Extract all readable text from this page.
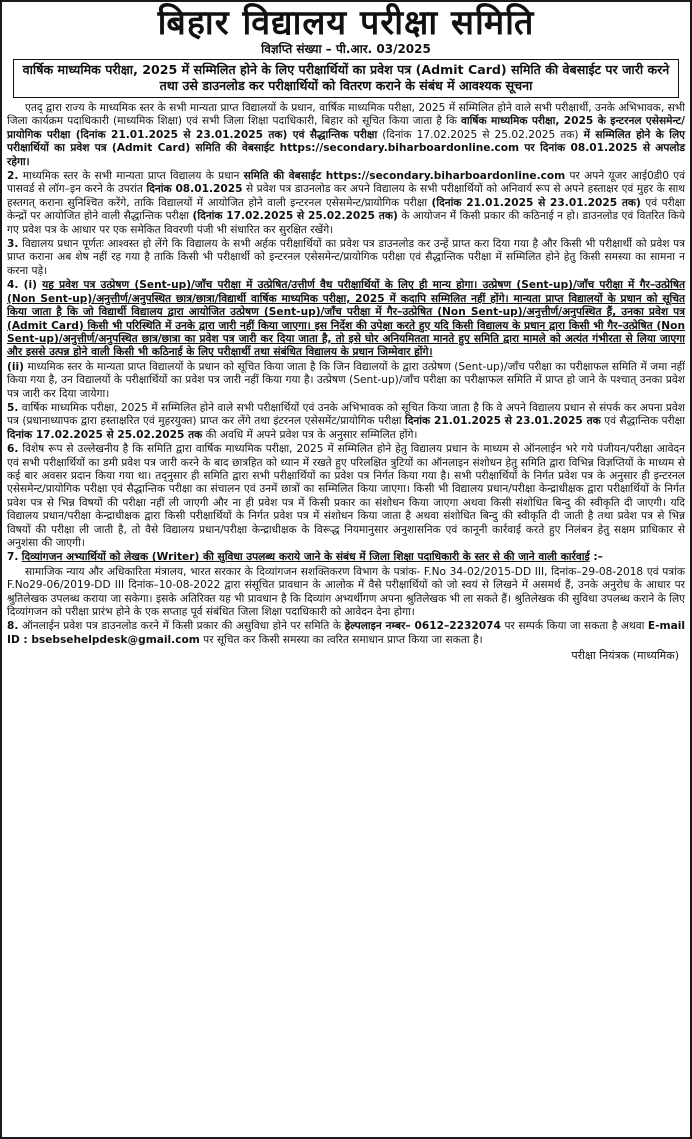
बिहार विद्यालय परीक्षा समिति
विज्ञप्ति संख्या – पी.आर. 03/2025
वार्षिक माध्यमिक परीक्षा, 2025 में सम्मिलित होने के लिए परीक्षार्थियों का प्रवेश पत्र (Admit Card) समिति की वेबसाईट पर जारी करने तथा उसे डाउनलोड कर परीक्षार्थियों को वितरण कराने के संबंध में आवश्यक सूचना

एतद् द्वारा राज्य के माध्यमिक स्तर के सभी मान्यता प्राप्त विद्यालयों के प्रधान, वार्षिक माध्यमिक परीक्षा, 2025 में सम्मिलित होने वाले सभी परीक्षार्थी, उनके अभिभावक, सभी जिला कार्यक्रम पदाधिकारी (माध्यमिक शिक्षा) एवं सभी जिला शिक्षा पदाधिकारी, बिहार को सूचित किया जाता है कि वार्षिक माध्यमिक परीक्षा, 2025 के इन्टरनल एसेसमेन्ट/प्रायोगिक परीक्षा (दिनांक 21.01.2025 से 23.01.2025 तक) एवं सैद्धान्तिक परीक्षा (दिनांक 17.02.2025 से 25.02.2025 तक) में सम्मिलित होने के लिए परीक्षार्थियों का प्रवेश पत्र (Admit Card) समिति की वेबसाईट https://secondary.biharboardonline.com पर दिनांक 08.01.2025 से अपलोड रहेगा।

2. माध्यमिक स्तर के सभी मान्यता प्राप्त विद्यालय के प्रधान समिति की वेबसाईट https://secondary.biharboardonline.com पर अपने यूजर आई0डी0 एवं पासवर्ड से लॉग–इन करने के उपरांत दिनांक 08.01.2025 से प्रवेश पत्र डाउनलोड कर अपने विद्यालय के सभी परीक्षार्थियों को अनिवार्य रूप से अपने हस्ताक्षर एवं मुहर के साथ हस्तगत् कराना सुनिश्चित करेंगे, ताकि विद्यालयों में आयोजित होने वाली इन्टरनल एसेसमेन्ट/प्रायोगिक परीक्षा (दिनांक 21.01.2025 से 23.01.2025 तक) एवं परीक्षा केन्द्रों पर आयोजित होने वाली सैद्धान्तिक परीक्षा (दिनांक 17.02.2025 से 25.02.2025 तक) के आयोजन में किसी प्रकार की कठिनाई न हो। डाउनलोड एवं वितरित किये गए प्रवेश पत्र के आधार पर एक समेकित विवरणी पंजी भी संधारित कर सुरक्षित रखेंगे।

3. विद्यालय प्रधान पूर्णतः आश्वस्त हो लेंगे कि विद्यालय के सभी अर्हक परीक्षार्थियों का प्रवेश पत्र डाउनलोड कर उन्हें प्राप्त करा दिया गया है और किसी भी परीक्षार्थी को प्रवेश पत्र प्राप्त कराना अब शेष नहीं रह गया है ताकि किसी भी परीक्षार्थी को इन्टरनल एसेसमेन्ट/प्रायोगिक परीक्षा एवं सैद्धान्तिक परीक्षा में सम्मिलित होने हेतु किसी समस्या का सामना न करना पड़े।

4. (i) यह प्रवेश पत्र उत्प्रेषण (Sent-up)/जाँच परीक्षा में उत्प्रेषित/उत्तीर्ण वैध परीक्षार्थियों के लिए ही मान्य होगा। उत्प्रेषण (Sent-up)/जाँच परीक्षा में गैर–उत्प्रेषित (Non Sent-up)/अनुत्तीर्ण/अनुपस्थित छात्र/छात्रा/विद्यार्थी वार्षिक माध्यमिक परीक्षा, 2025 में कदापि सम्मिलित नहीं होंगे। मान्यता प्राप्त विद्यालयों के प्रधान को सूचित किया जाता है कि जो विद्यार्थी विद्यालय द्वारा आयोजित उत्प्रेषण (Sent-up)/जाँच परीक्षा में गैर–उत्प्रेषित (Non Sent-up)/अनुत्तीर्ण/अनुपस्थित हैं, उनका प्रवेश पत्र (Admit Card) किसी भी परिस्थिति में उनके द्वारा जारी नहीं किया जाएगा। इस निर्देश की उपेक्षा करते हुए यदि किसी विद्यालय के प्रधान द्वारा किसी भी गैर–उत्प्रेषित (Non Sent-up)/अनुत्तीर्ण/अनुपस्थित छात्र/छात्रा का प्रवेश पत्र जारी कर दिया जाता है, तो इसे घोर अनियमितता मानते हुए समिति द्वारा मामले को अत्यंत गंभीरता से लिया जाएगा और इससे उत्पन्न होने वाली किसी भी कठिनाई के लिए परीक्षार्थी तथा संबंधित विद्यालय के प्रधान जिम्मेवार होंगे।

(ii) माध्यमिक स्तर के मान्यता प्राप्त विद्यालयों के प्रधान को सूचित किया जाता है कि जिन विद्यालयों के द्वारा उत्प्रेषण (Sent-up)/जाँच परीक्षा का परीक्षाफल समिति में जमा नहीं किया गया है, उन विद्यालयों के परीक्षार्थियों का प्रवेश पत्र जारी नहीं किया गया है। उत्प्रेषण (Sent-up)/जाँच परीक्षा का परीक्षाफल समिति में प्राप्त हो जाने के पश्चात् उनका प्रवेश पत्र जारी कर दिया जायेगा।

5. वार्षिक माध्यमिक परीक्षा, 2025 में सम्मिलित होने वाले सभी परीक्षार्थियों एवं उनके अभिभावक को सूचित किया जाता है कि वे अपने विद्यालय प्रधान से संपर्क कर अपना प्रवेश पत्र (प्रधानाध्यापक द्वारा हस्ताक्षरित एवं मुहरयुक्त) प्राप्त कर लेंगे तथा इंटरनल एसेसमेंट/प्रायोगिक परीक्षा दिनांक 21.01.2025 से 23.01.2025 तक एवं सैद्धान्तिक परीक्षा दिनांक 17.02.2025 से 25.02.2025 तक की अवधि में अपने प्रवेश पत्र के अनुसार सम्मिलित होंगे।

6. विशेष रूप से उल्लेखनीय है कि समिति द्वारा वार्षिक माध्यमिक परीक्षा, 2025 में सम्मिलित होने हेतु विद्यालय प्रधान के माध्यम से ऑनलाईन भरे गये पंजीयन/परीक्षा आवेदन एवं सभी परीक्षार्थियों का डमी प्रवेश पत्र जारी करने के बाद छात्रहित को ध्यान में रखते हुए परिलक्षित त्रुटियों का ऑनलाइन संशोधन हेतु समिति द्वारा विभिन्न विज्ञप्तियों के माध्यम से कई बार अवसर प्रदान किया गया था। तद्नुसार ही समिति द्वारा सभी परीक्षार्थियों का प्रवेश पत्र निर्गत किया गया है। सभी परीक्षार्थियों के निर्गत प्रवेश पत्र के अनुसार ही इन्टरनल एसेसमेन्ट/प्रायोगिक परीक्षा एवं सैद्धान्तिक परीक्षा का संचालन एवं उनमें छात्रों का सम्मिलित किया जाएगा। किसी भी विद्यालय प्रधान/परीक्षा केन्द्राधीक्षक द्वारा परीक्षार्थियों के निर्गत प्रवेश पत्र से भिन्न विषयों की परीक्षा नहीं ली जाएगी और ना ही प्रवेश पत्र में किसी प्रकार का संशोधन किया जाएगा अथवा किसी संशोधित बिन्दु की स्वीकृति दी जाएगी। यदि विद्यालय प्रधान/परीक्षा केन्द्राधीक्षक द्वारा किसी परीक्षार्थियों के निर्गत प्रवेश पत्र में संशोधन किया जाता है अथवा संशोधित बिन्दु की स्वीकृति दी जाती है तथा प्रवेश पत्र से भिन्न विषयों की परीक्षा ली जाती है, तो वैसे विद्यालय प्रधान/परीक्षा केन्द्राधीक्षक के विरूद्ध नियमानुसार अनुशासनिक एवं कानूनी कार्रवाई करते हुए निलंबन हेतु सक्षम प्राधिकार से अनुशंसा की जाएगी।

7. दिव्यांगजन अभ्यार्थियों को लेखक (Writer) की सुविधा उपलब्ध कराये जाने के संबंध में जिला शिक्षा पदाधिकारी के स्तर से की जाने वाली कार्रवाई :–

सामाजिक न्याय और अधिकारिता मंत्रालय, भारत सरकार के दिव्यांगजन सशक्तिकरण विभाग के पत्रांक- F.No 34-02/2015-DD III, दिनांक–29-08-2018 एवं पत्रांक F.No29-06/2019-DD III दिनांक–10-08-2022 द्वारा संसूचित प्रावधान के आलोक में वैसे परीक्षार्थियों को जो स्वयं से लिखने में असमर्थ हैं, उनके अनुरोध के आधार पर श्रुतिलेखक उपलब्ध कराया जा सकेगा। इसके अतिरिक्त यह भी प्रावधान है कि दिव्यांग अभ्यर्थीगण अपना श्रुतिलेखक भी ला सकते हैं। श्रुतिलेखक की सुविधा उपलब्ध कराने के लिए दिव्यांगजन को परीक्षा प्रारंभ होने के एक सप्ताह पूर्व संबंधित जिला शिक्षा पदाधिकारी को आवेदन देना होगा।

8. ऑनलाईन प्रवेश पत्र डाउनलोड करने में किसी प्रकार की असुविधा होने पर समिति के हेल्पलाइन नम्बर– 0612–2232074 पर सम्पर्क किया जा सकता है अथवा E-mail ID : bsebsehelpdesk@gmail.com पर सूचित कर किसी समस्या का त्वरित समाधान प्राप्त किया जा सकता है।

परीक्षा नियंत्रक (माध्यमिक)
